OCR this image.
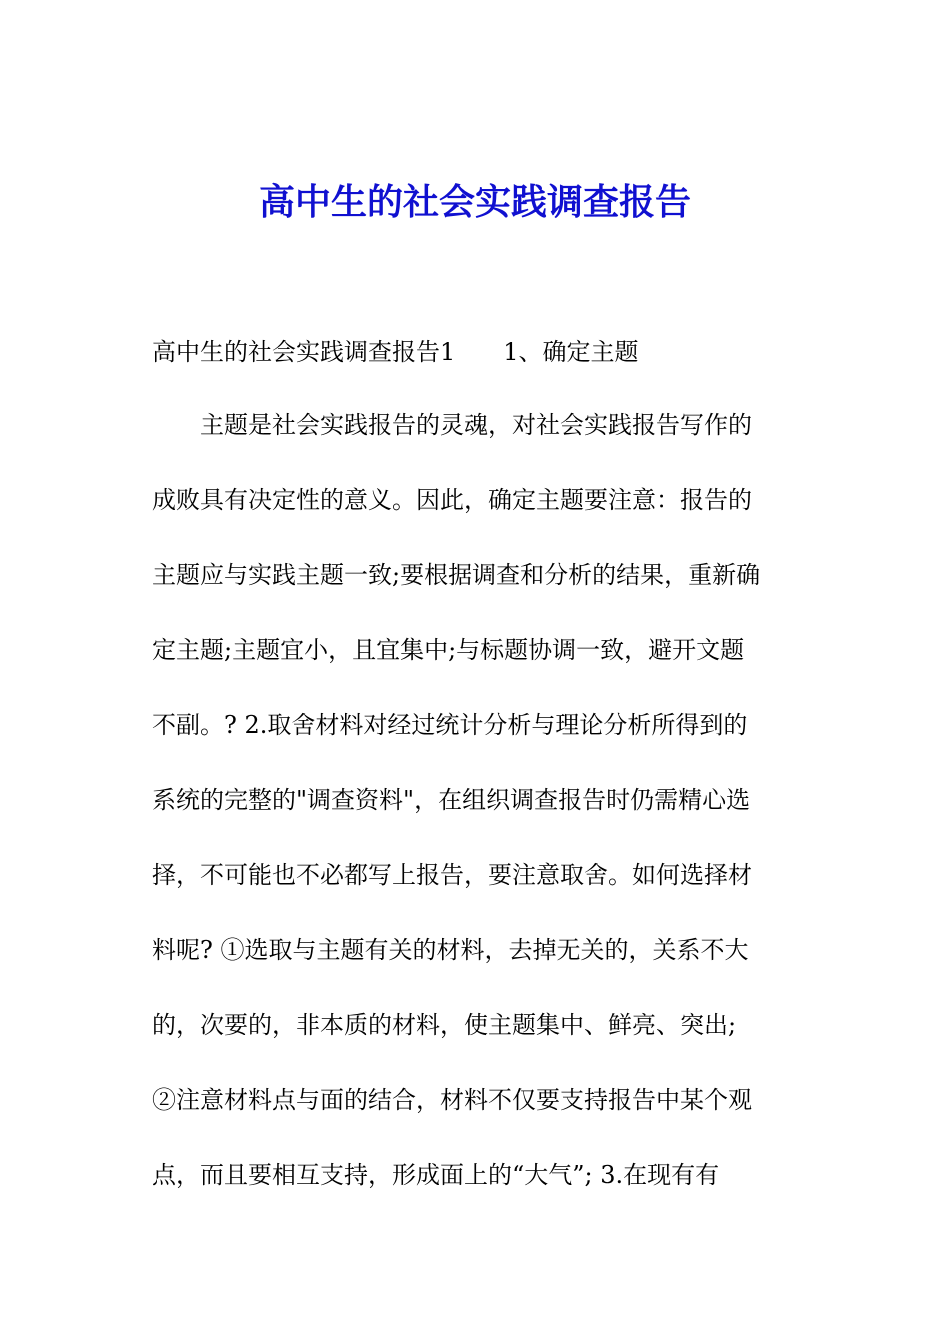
高中生的社会实践调查报告

高中生的社会实践调查报告1　　1、确定主题

　　主题是社会实践报告的灵魂，对社会实践报告写作的

成败具有决定性的意义。因此，确定主题要注意：报告的

主题应与实践主题一致;要根据调查和分析的结果，重新确

定主题;主题宜小，且宜集中;与标题协调一致，避开文题

不副。? 2.取舍材料对经过统计分析与理论分析所得到的

系统的完整的"调查资料"，在组织调查报告时仍需精心选

择，不可能也不必都写上报告，要注意取舍。如何选择材

料呢? ①选取与主题有关的材料，去掉无关的，关系不大

的，次要的，非本质的材料，使主题集中、鲜亮、突出;

②注意材料点与面的结合，材料不仅要支持报告中某个观

点，而且要相互支持，形成面上的“大气”; 3.在现有有
